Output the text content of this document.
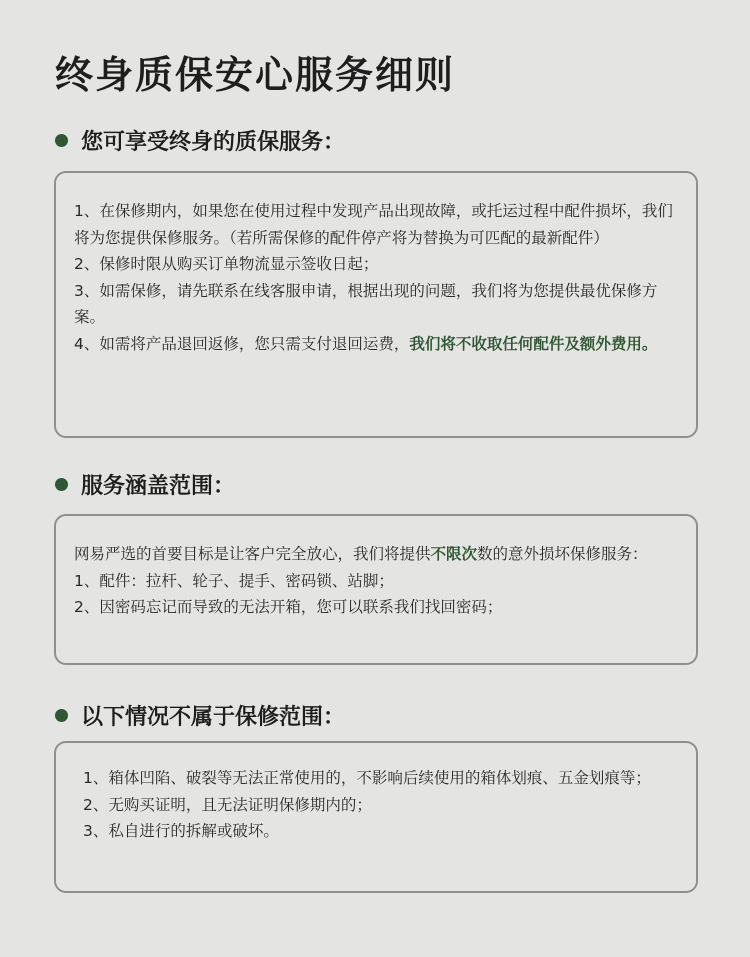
终身质保安心服务细则
您可享受终身的质保服务：

1、在保修期内，如果您在使用过程中发现产品出现故障，或托运过程中配件损坏，我们将为您提供保修服务。（若所需保修的配件停产将为替换为可匹配的最新配件）

2、保修时限从购买订单物流显示签收日起；

3、如需保修，请先联系在线客服申请，根据出现的问题，我们将为您提供最优保修方案。

4、如需将产品退回返修，您只需支付退回运费，我们将不收取任何配件及额外费用。

服务涵盖范围：

网易严选的首要目标是让客户完全放心，我们将提供不限次数的意外损坏保修服务：

1、配件：拉杆、轮子、提手、密码锁、站脚；

2、因密码忘记而导致的无法开箱，您可以联系我们找回密码；

以下情况不属于保修范围：

1、箱体凹陷、破裂等无法正常使用的，不影响后续使用的箱体划痕、五金划痕等；

2、无购买证明，且无法证明保修期内的；

3、私自进行的拆解或破坏。
